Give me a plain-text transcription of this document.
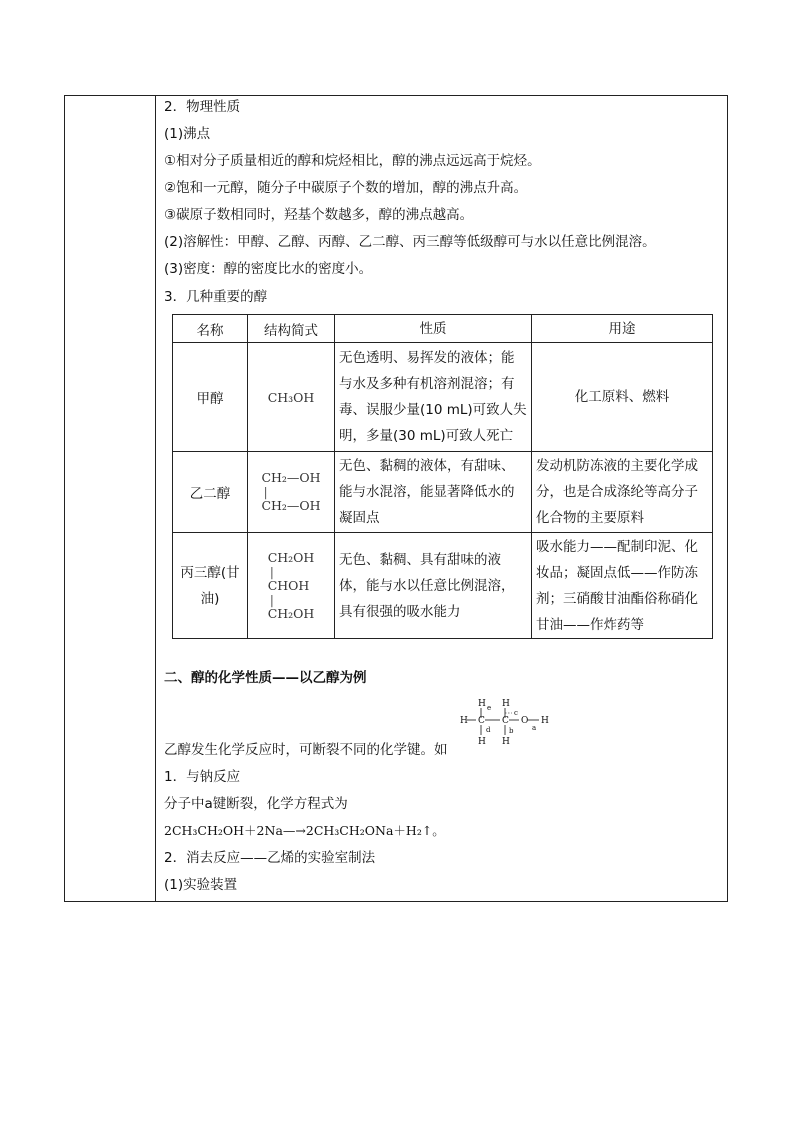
2．物理性质
(1)沸点
①相对分子质量相近的醇和烷烃相比，醇的沸点远远高于烷烃。
②饱和一元醇，随分子中碳原子个数的增加，醇的沸点升高。
③碳原子数相同时，羟基个数越多，醇的沸点越高。
(2)溶解性：甲醇、乙醇、丙醇、乙二醇、丙三醇等低级醇可与水以任意比例混溶。
(3)密度：醇的密度比水的密度小。
3．几种重要的醇
名称	结构简式	性质	用途
甲醇	CH₃OH	无色透明、易挥发的液体；能与水及多种有机溶剂混溶；有毒、误服少量(10 mL)可致人失明，多量(30 mL)可致人死亡	化工原料、燃料
乙二醇	CH₂—OH
|
CH₂—OH	无色、黏稠的液体，有甜味、能与水混溶，能显著降低水的凝固点	发动机防冻液的主要化学成分，也是合成涤纶等高分子化合物的主要原料
丙三醇(甘油)	CH₂OH
|
CHOH
|
CH₂OH	无色、黏稠、具有甜味的液体，能与水以任意比例混溶，具有很强的吸水能力	吸水能力——配制印泥、化妆品；凝固点低——作防冻剂；三硝酸甘油酯俗称硝化甘油——作炸药等
二、醇的化学性质——以乙醇为例
H H
e
c
H C C O H
a
d	b
H H
乙醇发生化学反应时，可断裂不同的化学键。如
1．与钠反应
分子中a键断裂，化学方程式为
2CH₃CH₂OH＋2Na—→2CH₃CH₂ONa＋H₂↑。
2．消去反应——乙烯的实验室制法
(1)实验装置
